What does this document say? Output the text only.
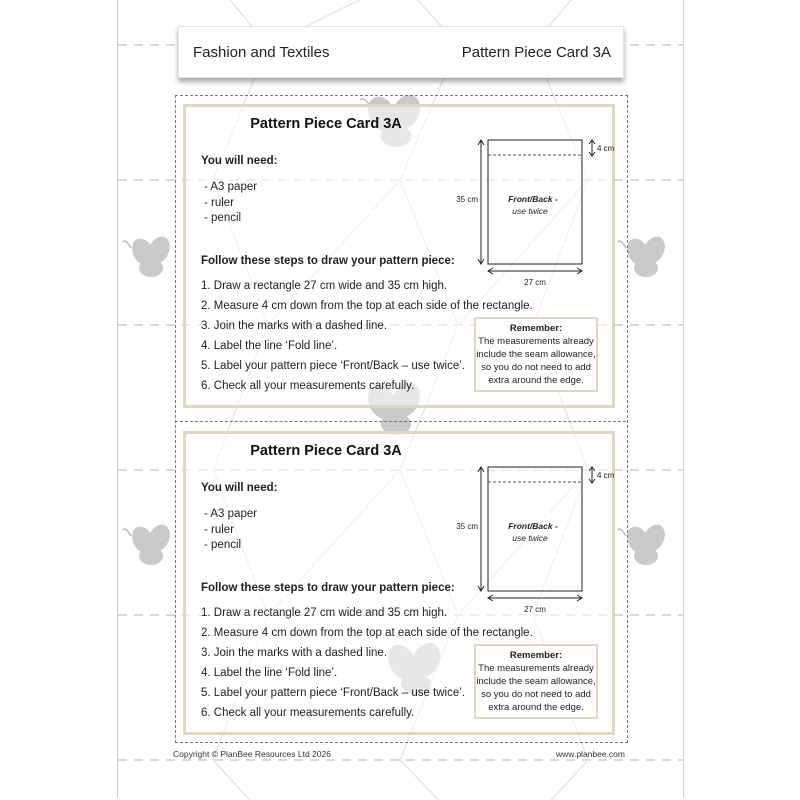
Fashion and Textiles	Pattern Piece Card 3A
Pattern Piece Card 3A
You will need:
- A3 paper
- ruler
- pencil
Follow these steps to draw your pattern piece:
1. Draw a rectangle 27 cm wide and 35 cm high.
2. Measure 4 cm down from the top at each side of the rectangle.
3. Join the marks with a dashed line.
4. Label the line ‘Fold line’.
5. Label your pattern piece ‘Front/Back – use twice’.
6. Check all your measurements carefully.
4 cm
35 cm
27 cm
Front/Back -
use twice
Remember:
The measurements already
include the seam allowance,
so you do not need to add
extra around the edge.
Pattern Piece Card 3A
You will need:
- A3 paper
- ruler
- pencil
Follow these steps to draw your pattern piece:
1. Draw a rectangle 27 cm wide and 35 cm high.
2. Measure 4 cm down from the top at each side of the rectangle.
3. Join the marks with a dashed line.
4. Label the line ‘Fold line’.
5. Label your pattern piece ‘Front/Back – use twice’.
6. Check all your measurements carefully.
4 cm
35 cm
27 cm
Front/Back -
use twice
Remember:
The measurements already
include the seam allowance,
so you do not need to add
extra around the edge.
Copyright © PlanBee Resources Ltd 2026	www.planbee.com
